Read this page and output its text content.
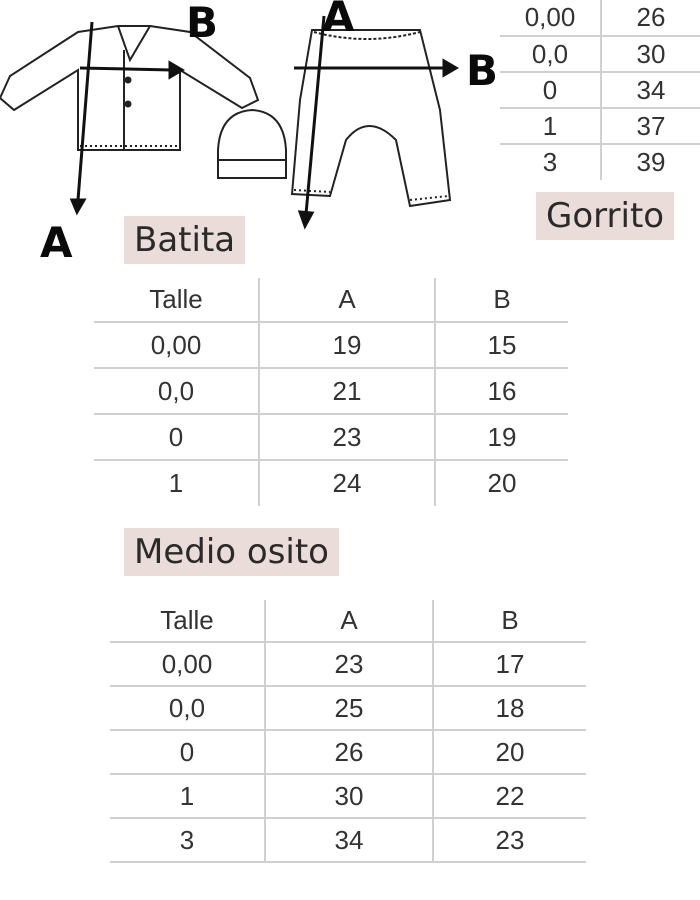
B
A
A
B
0,00	26
0,0	30
0	34
1	37
3	39
Gorrito
Batita
Medio osito
Talle	A	B
0,00	19	15
0,0	21	16
0	23	19
1	24	20
Talle	A	B
0,00	23	17
0,0	25	18
0	26	20
1	30	22
3	34	23
